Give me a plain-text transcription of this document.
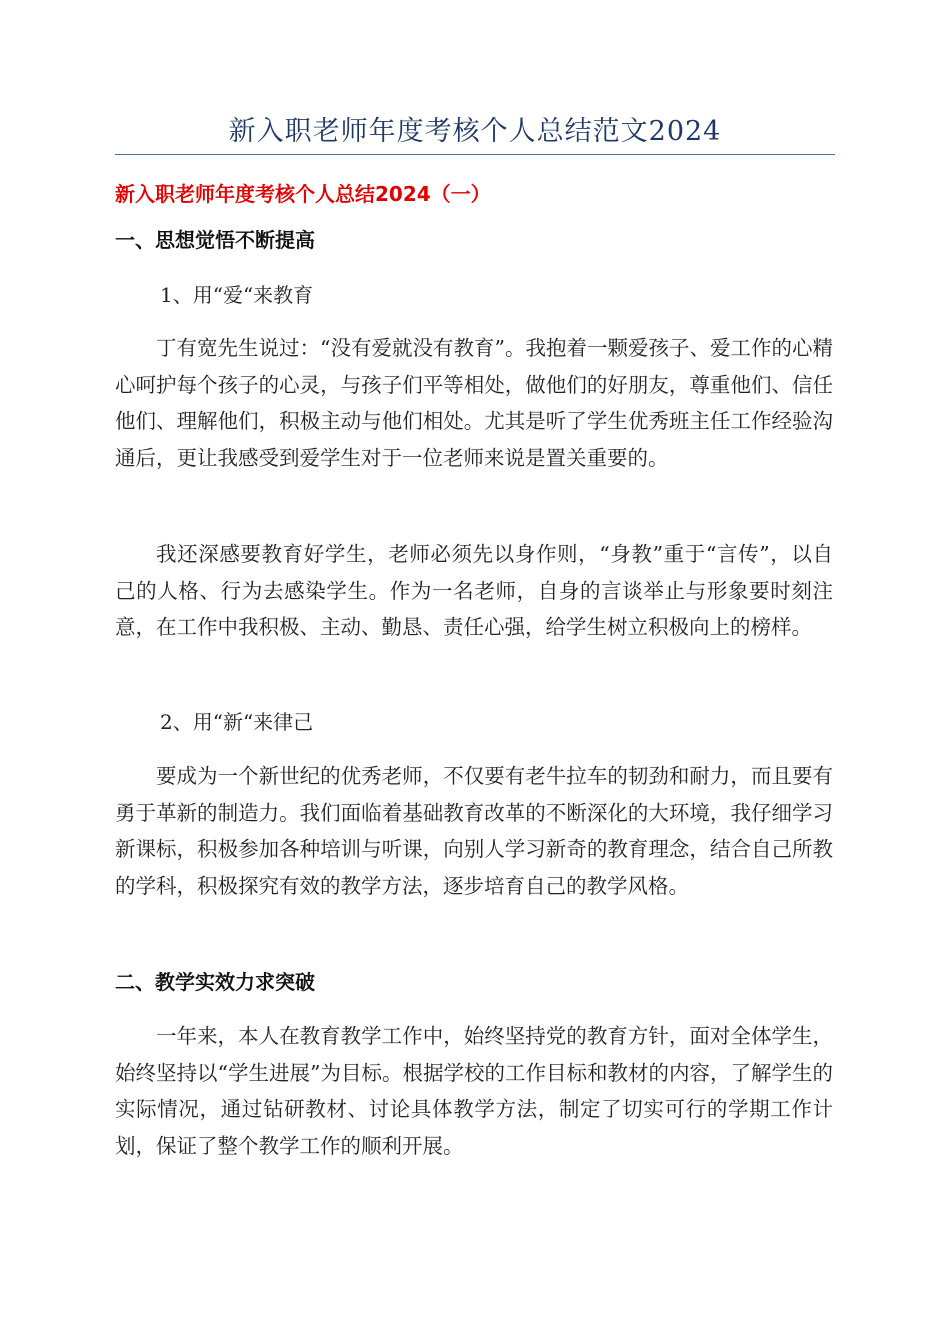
新入职老师年度考核个人总结范文2024
新入职老师年度考核个人总结2024（一）
一、思想觉悟不断提高
1、用“爱“来教育
丁有宽先生说过：“没有爱就没有教育”。我抱着一颗爱孩子、爱工作的心精心呵护每个孩子的心灵，与孩子们平等相处，做他们的好朋友，尊重他们、信任他们、理解他们，积极主动与他们相处。尤其是听了学生优秀班主任工作经验沟通后，更让我感受到爱学生对于一位老师来说是置关重要的。
我还深感要教育好学生，老师必须先以身作则，“身教”重于“言传”，以自己的人格、行为去感染学生。作为一名老师，自身的言谈举止与形象要时刻注意，在工作中我积极、主动、勤恳、责任心强，给学生树立积极向上的榜样。
2、用“新“来律己
要成为一个新世纪的优秀老师，不仅要有老牛拉车的韧劲和耐力，而且要有勇于革新的制造力。我们面临着基础教育改革的不断深化的大环境，我仔细学习新课标，积极参加各种培训与听课，向别人学习新奇的教育理念，结合自己所教的学科，积极探究有效的教学方法，逐步培育自己的教学风格。
二、教学实效力求突破
一年来，本人在教育教学工作中，始终坚持党的教育方针，面对全体学生，始终坚持以“学生进展”为目标。根据学校的工作目标和教材的内容，了解学生的实际情况，通过钻研教材、讨论具体教学方法，制定了切实可行的学期工作计划，保证了整个教学工作的顺利开展。
